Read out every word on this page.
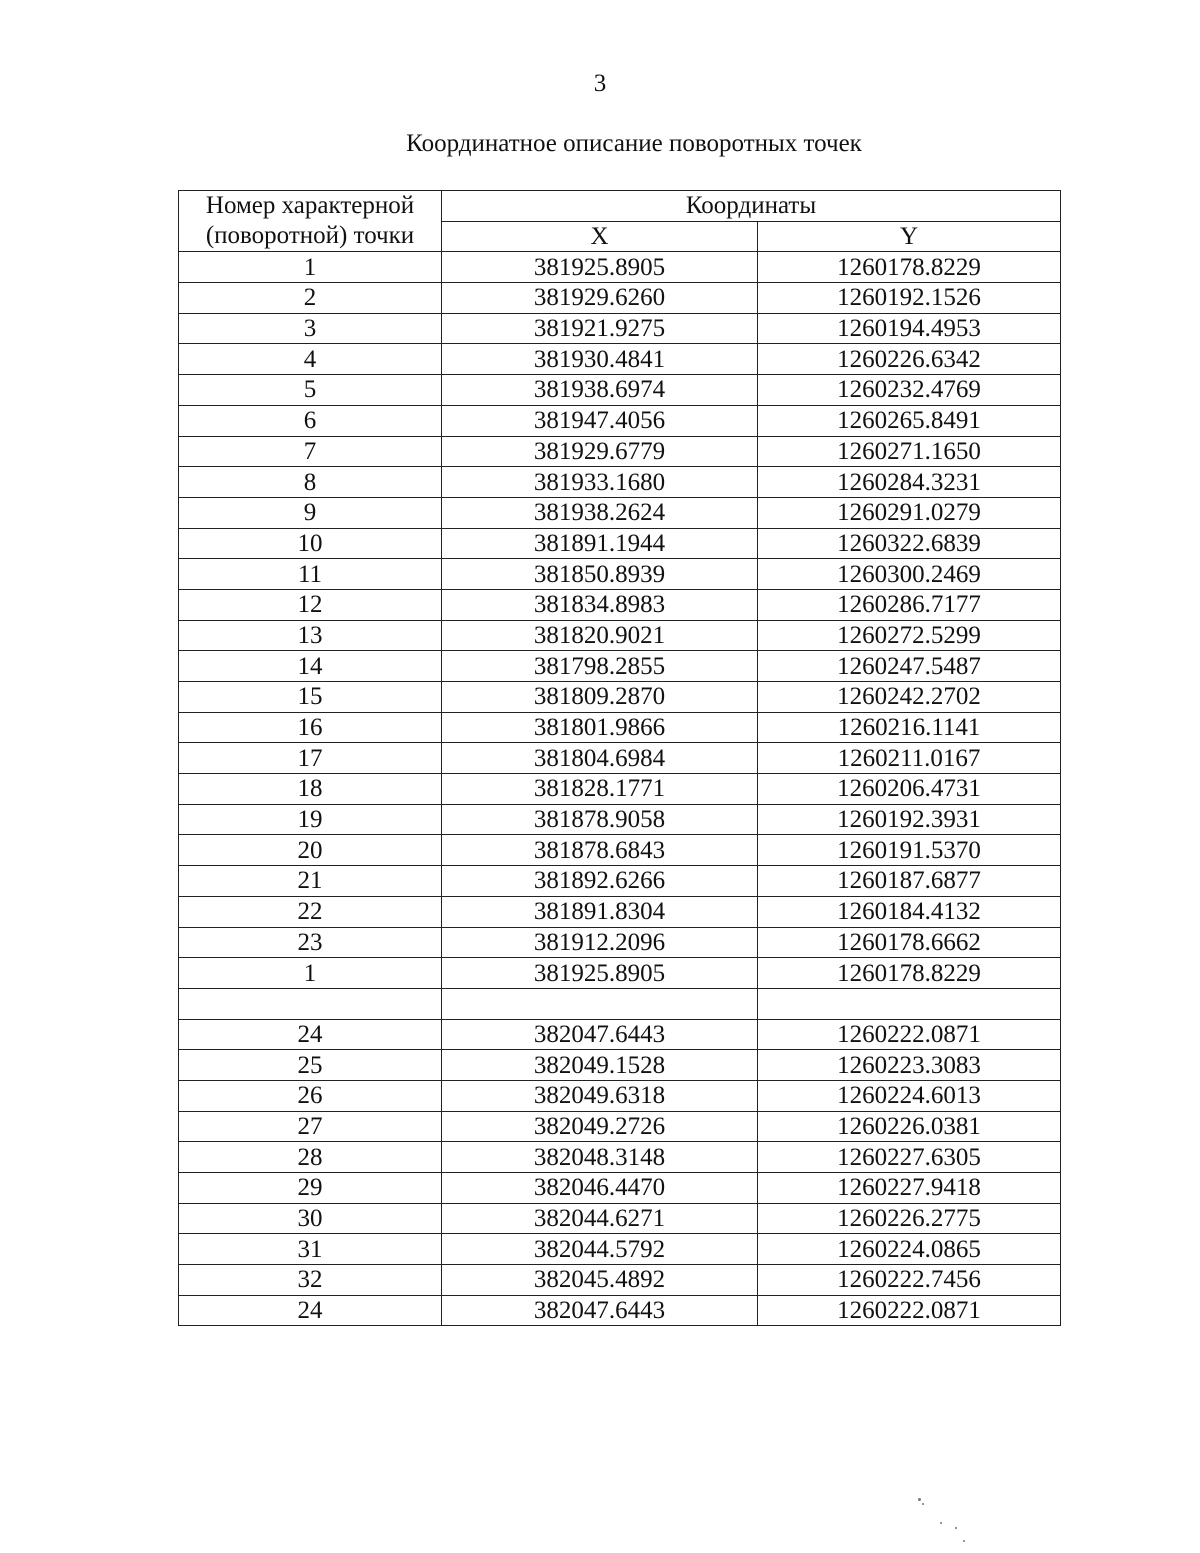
3
Координатное описание поворотных точек
Номер характерной
(поворотной) точки	Координаты	
	X	Y
1	381925.8905	1260178.8229
2	381929.6260	1260192.1526
3	381921.9275	1260194.4953
4	381930.4841	1260226.6342
5	381938.6974	1260232.4769
6	381947.4056	1260265.8491
7	381929.6779	1260271.1650
8	381933.1680	1260284.3231
9	381938.2624	1260291.0279
10	381891.1944	1260322.6839
11	381850.8939	1260300.2469
12	381834.8983	1260286.7177
13	381820.9021	1260272.5299
14	381798.2855	1260247.5487
15	381809.2870	1260242.2702
16	381801.9866	1260216.1141
17	381804.6984	1260211.0167
18	381828.1771	1260206.4731
19	381878.9058	1260192.3931
20	381878.6843	1260191.5370
21	381892.6266	1260187.6877
22	381891.8304	1260184.4132
23	381912.2096	1260178.6662
1	381925.8905	1260178.8229

24	382047.6443	1260222.0871
25	382049.1528	1260223.3083
26	382049.6318	1260224.6013
27	382049.2726	1260226.0381
28	382048.3148	1260227.6305
29	382046.4470	1260227.9418
30	382044.6271	1260226.2775
31	382044.5792	1260224.0865
32	382045.4892	1260222.7456
24	382047.6443	1260222.0871
